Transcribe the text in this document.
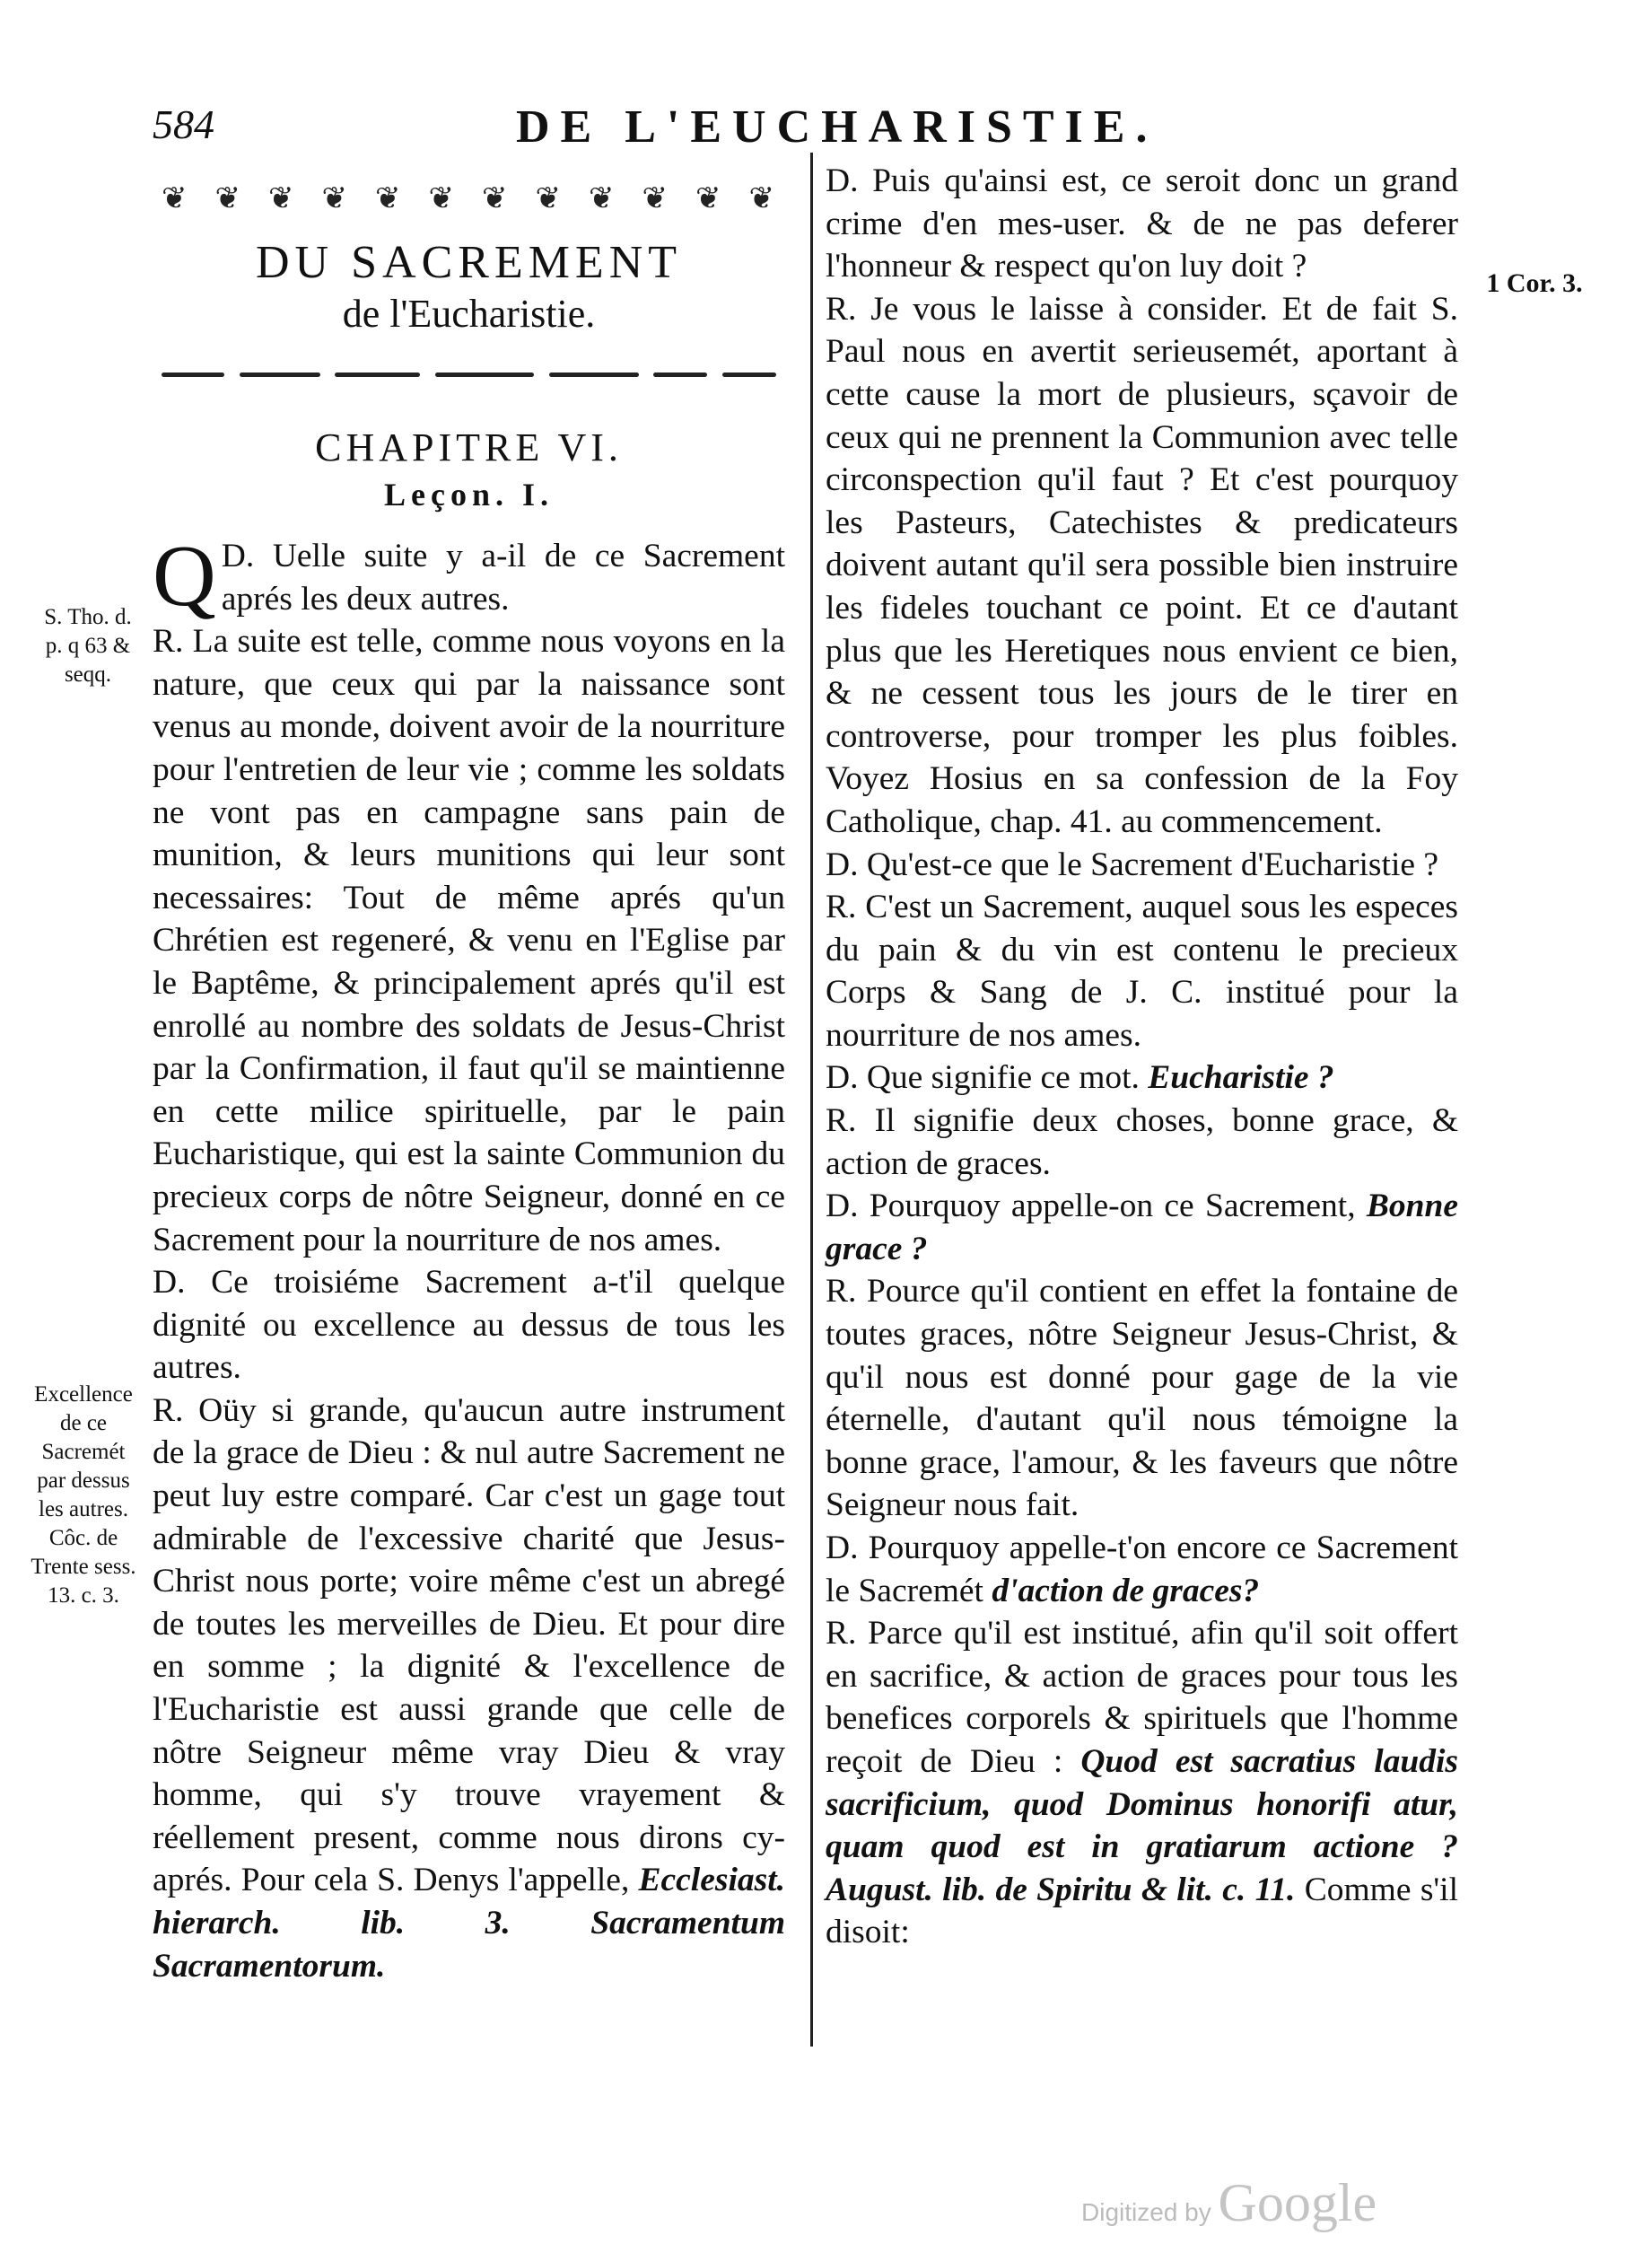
584	DE L'EUCHARISTIE.
❦ ❦ ❦ ❦ ❦ ❦ ❦ ❦ ❦ ❦ ❦ ❦
DU SACREMENT
de l'Eucharistie.
CHAPITRE VI.
Leçon. I.

D.
Q Uelle suite y a-il de ce Sacrement aprés les deux autres.

R. La suite est telle, comme nous voyons en la nature, que ceux qui par la naissance sont venus au monde, doivent avoir de la nourriture pour l'entretien de leur vie ; comme les soldats ne vont pas en campagne sans pain de munition, & leurs munitions qui leur sont necessaires: Tout de même aprés qu'un Chrétien est regeneré, & venu en l'Eglise par le Baptême, & principalement aprés qu'il est enrollé au nombre des soldats de Jesus-Christ par la Confirmation, il faut qu'il se maintienne en cette milice spirituelle, par le pain Eucharistique, qui est la sainte Communion du precieux corps de nôtre Seigneur, donné en ce Sacrement pour la nourriture de nos ames.

D. Ce troisiéme Sacrement a-t'il quelque dignité ou excellence au dessus de tous les autres.

R. Oüy si grande, qu'aucun autre instrument de la grace de Dieu : & nul autre Sacrement ne peut luy estre comparé. Car c'est un gage tout admirable de l'excessive charité que Jesus-Christ nous porte; voire même c'est un abregé de toutes les merveilles de Dieu. Et pour dire en somme ; la dignité & l'excellence de l'Eucharistie est aussi grande que celle de nôtre Seigneur même vray Dieu & vray homme, qui s'y trouve vrayement & réellement present, comme nous dirons cy-aprés. Pour cela S. Denys l'appelle, Ecclesiast. hierarch. lib. 3. Sacramentum Sacramentorum.

D. Puis qu'ainsi est, ce seroit donc un grand crime d'en mes-user. & de ne pas deferer l'honneur & respect qu'on luy doit ?

R. Je vous le laisse à consider. Et de fait S. Paul nous en avertit serieusemét, aportant à cette cause la mort de plusieurs, sçavoir de ceux qui ne prennent la Communion avec telle circonspection qu'il faut ? Et c'est pourquoy les Pasteurs, Catechistes & predicateurs doivent autant qu'il sera possible bien instruire les fideles touchant ce point. Et ce d'autant plus que les Heretiques nous envient ce bien, & ne cessent tous les jours de le tirer en controverse, pour tromper les plus foibles. Voyez Hosius en sa confession de la Foy Catholique, chap. 41. au commencement.

D. Qu'est-ce que le Sacrement d'Eucharistie ?

R. C'est un Sacrement, auquel sous les especes du pain & du vin est contenu le precieux Corps & Sang de J. C. institué pour la nourriture de nos ames.

D. Que signifie ce mot. Eucharistie ?

R. Il signifie deux choses, bonne grace, & action de graces.

D. Pourquoy appelle-on ce Sacrement, Bonne grace ?

R. Pource qu'il contient en effet la fontaine de toutes graces, nôtre Seigneur Jesus-Christ, & qu'il nous est donné pour gage de la vie éternelle, d'autant qu'il nous témoigne la bonne grace, l'amour, & les faveurs que nôtre Seigneur nous fait.

D. Pourquoy appelle-t'on encore ce Sacrement le Sacremét d'action de graces?

R. Parce qu'il est institué, afin qu'il soit offert en sacrifice, & action de graces pour tous les benefices corporels & spirituels que l'homme reçoit de Dieu : Quod est sacratius laudis sacrificium, quod Dominus honorifi atur, quam quod est in gratiarum actione ? August. lib. de Spiritu & lit. c. 11. Comme s'il disoit:

S. Tho. d. p. q 63 & seqq.
Excellence de ce Sacremét par dessus les autres. Côc. de Trente sess. 13. c. 3.
1 Cor. 3.
Digitized by Google
